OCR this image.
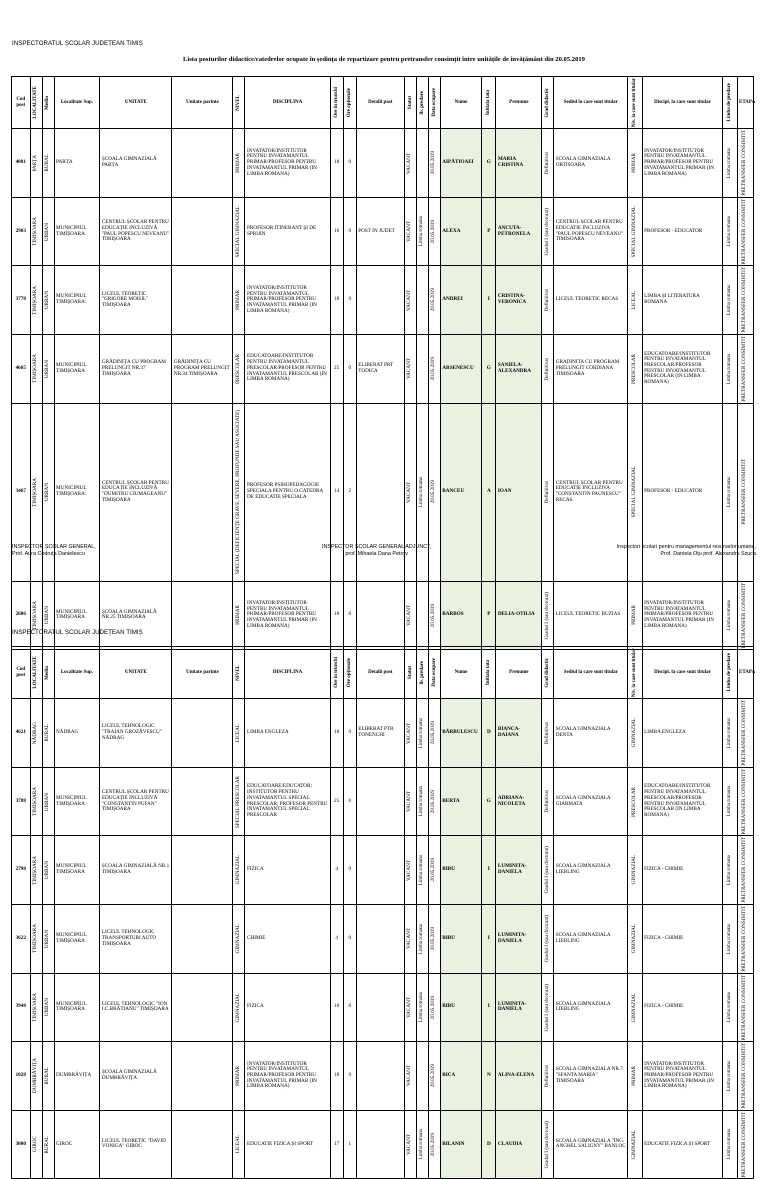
INSPECTORATUL ȘCOLAR JUDEȚEAN TIMIȘ
Lista posturilor didactice/catedrelor ocupate în ședința de repartizare pentru pretransfer consimțit între unitățile de învățământ din 20.05.2019
Cod post	LOCALITATE	Mediu	Localitate Sup.	UNITATE	Unitate parinte	NIVEL	DISCIPLINA	Ore în trunchi	Ore opționale	Detalii post	Statut	lb. predare	Data ocupare	Nume	Initiala tata	Prenume	Grad didactic	Sediul la care sunt titular	Niv. la care sunt titular	Discipl. la care sunt titular	Limba de predare	ETAPA
4081	PARȚA	RURAL	PARȚA	ȘCOALA GIMNAZIALĂ PARȚA		PRIMAR	INVATATOR/INSTITUTOR PENTRU INVATAMANTUL PRIMAR/PROFESOR PENTRU INVATAMANTUL PRIMAR (IN LIMBA ROMANA)	18	0		VACANT		20.05.2019	AIPĂTIOAEI	G	MARIA CRISTINA	Definitivat	SCOALA GIMNAZIALA ORTISOARA	PRIMAR	INVATATOR/INSTITUTOR PENTRU INVATAMANTUL PRIMAR/PROFESOR PENTRU INVATAMANTUL PRIMAR (IN LIMBA ROMANA)	Limba romana	PRETRANSFER CONSIMTIT

2903	TIMIȘOARA	URBAN	MUNICIPIUL TIMIȘOARA	CENTRUL ȘCOLAR PENTRU EDUCAȚIE INCLUZIVĂ "PAUL POPESCU NEVEANU" TIMIȘOARA		SPECIAL GIMNAZIAL	PROFESOR ITINERANT ȘI DE SPRIJIN	16	0	POST IN JUDET	VACANT	Limba romana	20.05.2019	ALEXA	P	ANCUTA-PETRONELA	Gradul I (sau doctorat)	CENTRUL SCOLAR PENTRU EDUCATIE INCLUZIVA "PAUL POPESCU NEVEANU" TIMISOARA	SPECIAL GIMNAZIAL	PROFESOR - EDUCATOR	Limba romana	PRETRANSFER CONSIMTIT

3778	TIMIȘOARA	URBAN	MUNICIPIUL TIMIȘOARA	LICEUL TEORETIC "GRIGORE MOISIL" TIMIȘOARA		PRIMAR	INVATATOR/INSTITUTOR PENTRU INVATAMANTUL PRIMAR/PROFESOR PENTRU INVATAMANTUL PRIMAR (IN LIMBA ROMANA)	18	0		VACANT		20.05.2019	ANDREI	I	CRISTINA-VERONICA	Definitivat	LICEUL TEORETIC RECAS	LICEAL	LIMBA ȘI LITERATURA ROMANA	Limba romana	PRETRANSFER CONSIMTIT

4665	TIMIȘOARA	URBAN	MUNICIPIUL TIMIȘOARA	GRĂDINIȚA CU PROGRAM PRELUNGIT NR.37 TIMIȘOARA	GRĂDINIȚA CU PROGRAM PRELUNGIT NR.34 TIMIȘOARA	PRESCOLAR	EDUCATOARE/INSTITUTOR PENTRU INVATAMANTUL PRESCOLAR/PROFESOR PENTRU INVATAMANTUL PRESCOLAR (IN LIMBA ROMANA)	25	0	ELIBERAT PRT TODICA	VACANT		20.05.2019	ARSENESCU	G	SANIELA-ALEXANDRA	Definitivat	GRADINITA CU PROGRAM PRELUNGIT CORDIANA TIMISOARA	PRESCOLAR	EDUCATOARE/INSTITUTOR PENTRU INVATAMANTUL PRESCOLAR/PROFESOR PENTRU INVATAMANTUL PRESCOLAR (IN LIMBA ROMANA)	Limba romana	PRETRANSFER CONSIMTIT

3467	TIMIȘOARA	URBAN	MUNICIPIUL TIMIȘOARA	CENTRUL ȘCOLAR PENTRU EDUCAȚIE INCLUZIVĂ "DUMITRU CIUMAGEANU" TIMIȘOARA		SPECIAL (DEFICIENȚE GRAVE, SEVERE, PROFUNDE SAU ASOCIATE)	PROFESOR PSIHOPEDAGOGIE SPECIALA PENTRU O CATEDRA DE EDUCATIE SPECIALA	14	2		VACANT	Limba romana	20.05.2019	BANCEU	A	IOAN	Definitivat	CENTRUL SCOLAR PENTRU EDUCATIE INCLUZIVA "CONSTANTIN PAUNESCU" RECAS	SPECIAL GIMNAZIAL	PROFESOR - EDUCATOR	Limba romana	PRETRANSFER CONSIMTIT

2606	TIMIȘOARA	URBAN	MUNICIPIUL TIMIȘOARA	ȘCOALA GIMNAZIALĂ NR.25 TIMIȘOARA		PRIMAR	INVATATOR/INSTITUTOR PENTRU INVATAMANTUL PRIMAR/PROFESOR PENTRU INVATAMANTUL PRIMAR (IN LIMBA ROMANA)	18	0		VACANT		20.05.2019	BARBOS	P	DELIA-OTILIA	Gradul I (sau doctorat)	LICEUL TEORETIC BUZIAS	PRIMAR	INVATATOR/INSTITUTOR PENTRU INVATAMANTUL PRIMAR/PROFESOR PENTRU INVATAMANTUL PRIMAR (IN LIMBA ROMANA)	Limba romana	PRETRANSFER CONSIMTIT
INSPECTOR ȘCOLAR GENERAL,
Prof. Aura Codruța Danielescu
INSPECTOR ȘCOLAR GENERAL ADJUNCT,
prof. Mihaela Dana Petrov
Inspectori școlari pentru managementul resurselor umane,
Prof. Daniela Oțu prof. Alexandru Szuca
INSPECTORATUL ȘCOLAR JUDEȚEAN TIMIȘ
Cod post	LOCALITATE	Mediu	Localitate Sup.	UNITATE	Unitate parinte	NIVEL	DISCIPLINA	Ore în trunchi	Ore opționale	Detalii post	Statut	lb. predare	Data ocupare	Nume	Initiala tata	Prenume	Grad didactic	Sediul la care sunt titular	Niv. la care sunt titular	Discipl. la care sunt titular	Limba de predare	ETAPA
4621	NĂDRAG	RURAL	NĂDRAG	LICEUL TEHNOLOGIC "TRAIAN GROZĂVESCU" NĂDRAG		LICEAL	LIMBA ENGLEZA	18	0	ELIBERAT PTR TONENCHI	VACANT	Limba romana	20.05.2019	BĂRBULESCU	D	BIANCA-DAIANA	Definitivat	SCOALA GIMNAZIALA DENTA	GIMNAZIAL	LIMBA ENGLEZA	Limba romana	PRETRANSFER CONSIMTIT

3788	TIMIȘOARA	URBAN	MUNICIPIUL TIMIȘOARA	CENTRUL ȘCOLAR PENTRU EDUCAȚIE INCLUZIVĂ "CONSTANTIN PUFAN" TIMIȘOARA		SPECIAL PRESCOLAR	EDUCATOARE/EDUCATOR; INSTITUTOR PENTRU INVATAMANTUL SPECIAL PRESCOLAR; PROFESOR PENTRU INVATAMANTUL SPECIAL PRESCOLAR	25	0		VACANT	Limba romana	20.05.2019	BERTA	G	ADRIANA-NICOLETA	Definitivat	SCOALA GIMNAZIALA GIARMATA	PRESCOLAR	EDUCATOARE/INSTITUTOR PENTRU INVATAMANTUL PRESCOLAR/PROFESOR PENTRU INVATAMANTUL PRESCOLAR (IN LIMBA ROMANA)	Limba romana	PRETRANSFER CONSIMTIT

2798	TIMIȘOARA	URBAN	MUNICIPIUL TIMIȘOARA	ȘCOALA GIMNAZIALĂ NR.1 TIMIȘOARA		GIMNAZIAL	FIZICA	4	0		VACANT	Limba romana	20.05.2019	BIBU	I	LUMINITA-DANIELA	Gradul I (sau doctorat)	SCOALA GIMNAZIALA LIEBLING	GIMNAZIAL	FIZICA - CHIMIE	Limba romana	PRETRANSFER CONSIMTIT

3622	TIMIȘOARA	URBAN	MUNICIPIUL TIMIȘOARA	LICEUL TEHNOLOGIC TRANSPORTURI AUTO TIMIȘOARA		GIMNAZIAL	CHIMIE	4	0		VACANT	Limba romana	20.05.2019	BIBU	I	LUMINITA-DANIELA	Gradul I (sau doctorat)	SCOALA GIMNAZIALA LIEBLING	GIMNAZIAL	FIZICA - CHIMIE	Limba romana	PRETRANSFER CONSIMTIT

3948	TIMIȘOARA	URBAN	MUNICIPIUL TIMIȘOARA	LICEUL TEHNOLOGIC "ION I.C.BRĂTIANU" TIMIȘOARA		GIMNAZIAL	FIZICA	10	0		VACANT	Limba romana	20.05.2019	BIBU	I	LUMINITA-DANIELA	Gradul I (sau doctorat)	SCOALA GIMNAZIALA LIEBLING	GIMNAZIAL	FIZICA - CHIMIE	Limba romana	PRETRANSFER CONSIMTIT

1028	DUMBRĂVIȚA	RURAL	DUMBRĂVIȚA	ȘCOALA GIMNAZIALĂ DUMBRĂVIȚA		PRIMAR	INVATATOR/INSTITUTOR PENTRU INVATAMANTUL PRIMAR/PROFESOR PENTRU INVATAMANTUL PRIMAR (IN LIMBA ROMANA)	18	0		VACANT		20.05.2019	BICA	N	ALINA-ELENA	Definitivat	SCOALA GIMNAZIALA NR.7 "SFANTA MARIA" TIMISOARA	PRIMAR	INVATATOR/INSTITUTOR PENTRU INVATAMANTUL PRIMAR/PROFESOR PENTRU INVATAMANTUL PRIMAR (IN LIMBA ROMANA)	Limba romana	PRETRANSFER CONSIMTIT

3000	GIROC	RURAL	GIROC	LICEUL TEORETIC "DAVID VONIGA" GIROC		LICEAL	EDUCATIE FIZICA ȘI SPORT	17	1		VACANT	Limba romana	20.05.2019	BILANIN	D	CLAUDIA	Gradul I (sau doctorat)	SCOALA GIMNAZIALA "ING. ANGHEL SALIGNY" BANLOC	GIMNAZIAL	EDUCATIE FIZICA ȘI SPORT	Limba romana	PRETRANSFER CONSIMTIT
